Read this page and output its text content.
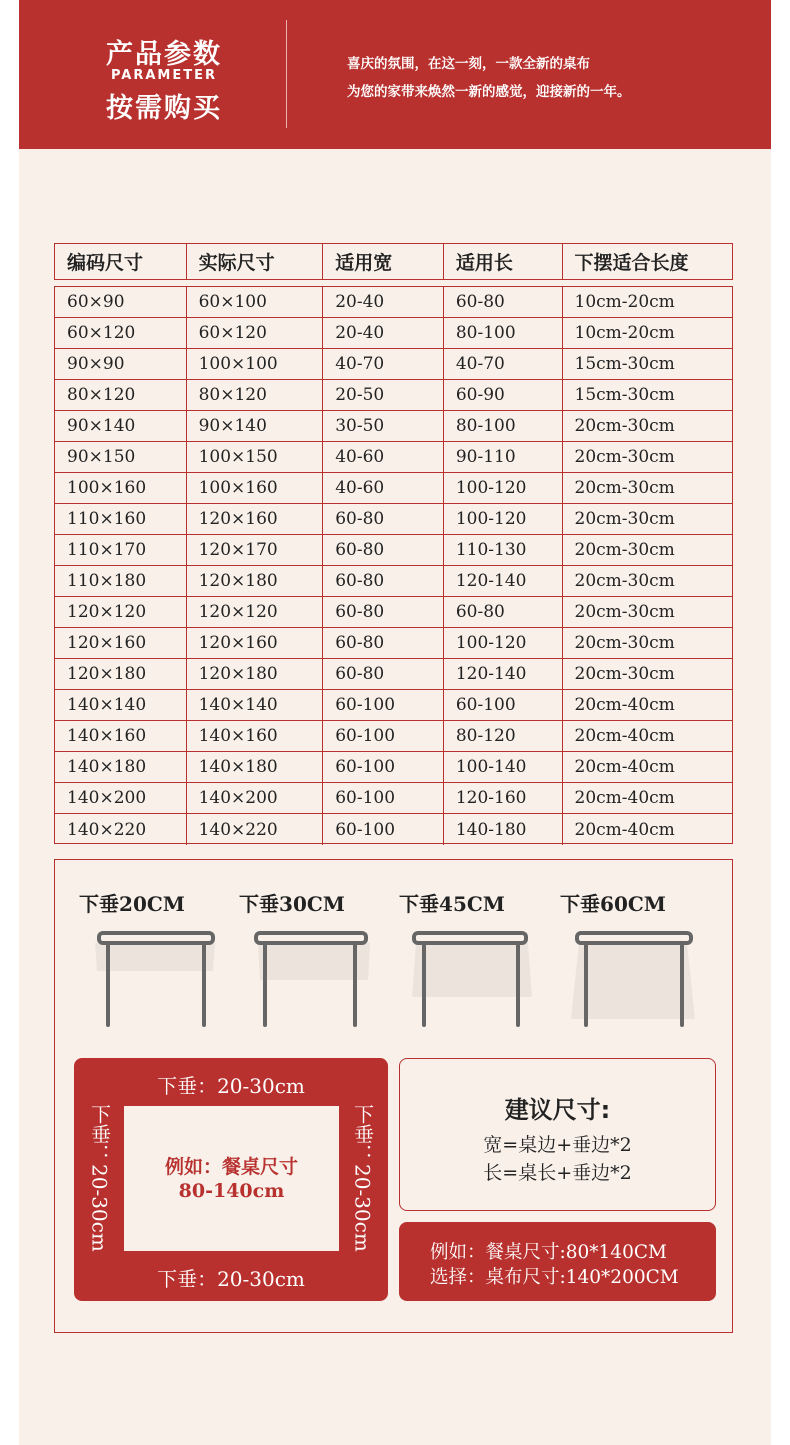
产品参数
PARAMETER
按需购买
喜庆的氛围，在这一刻，一款全新的桌布
为您的家带来焕然一新的感觉，迎接新的一年。
编码尺寸	实际尺寸	适用宽	适用长	下摆适合长度
60×90	60×100	20-40	60-80	10cm-20cm
60×120	60×120	20-40	80-100	10cm-20cm
90×90	100×100	40-70	40-70	15cm-30cm
80×120	80×120	20-50	60-90	15cm-30cm
90×140	90×140	30-50	80-100	20cm-30cm
90×150	100×150	40-60	90-110	20cm-30cm
100×160	100×160	40-60	100-120	20cm-30cm
110×160	120×160	60-80	100-120	20cm-30cm
110×170	120×170	60-80	110-130	20cm-30cm
110×180	120×180	60-80	120-140	20cm-30cm
120×120	120×120	60-80	60-80	20cm-30cm
120×160	120×160	60-80	100-120	20cm-30cm
120×180	120×180	60-80	120-140	20cm-30cm
140×140	140×140	60-100	60-100	20cm-40cm
140×160	140×160	60-100	80-120	20cm-40cm
140×180	140×180	60-100	100-140	20cm-40cm
140×200	140×200	60-100	120-160	20cm-40cm
140×220	140×220	60-100	140-180	20cm-40cm
下垂20CM	下垂30CM	下垂45CM	下垂60CM
下垂：20-30cm
下垂：20-30cm	例如：餐桌尺寸
80-140cm	下垂：20-30cm
下垂：20-30cm
建议尺寸:
宽=桌边+垂边*2
长=桌长+垂边*2
例如：餐桌尺寸:80*140CM
选择：桌布尺寸:140*200CM
